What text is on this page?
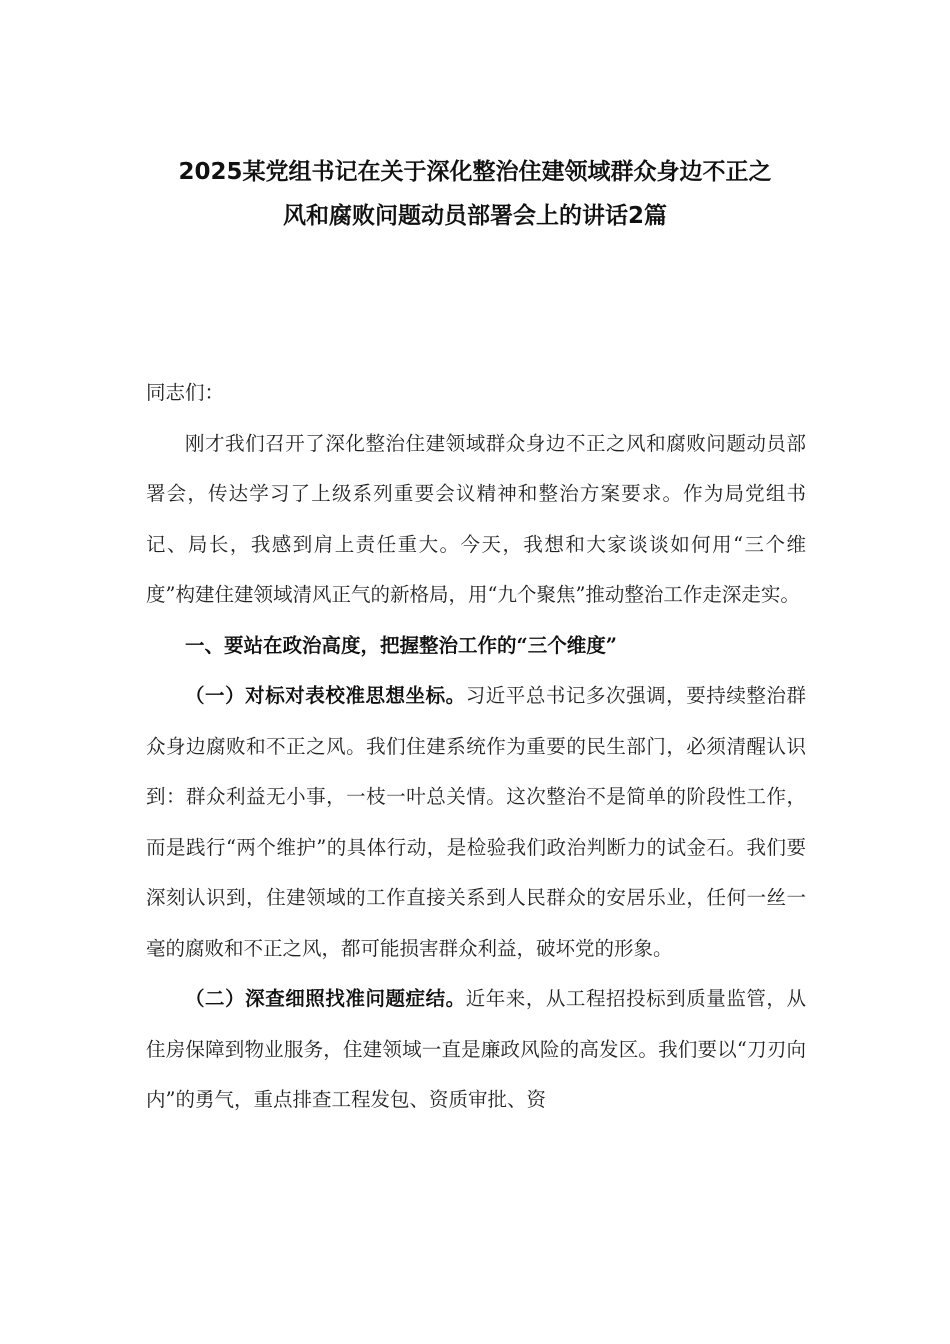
2025某党组书记在关于深化整治住建领域群众身边不正之
风和腐败问题动员部署会上的讲话2篇

同志们：

刚才我们召开了深化整治住建领域群众身边不正之风和腐败问题动员部署会，传达学习了上级系列重要会议精神和整治方案要求。作为局党组书记、局长，我感到肩上责任重大。今天，我想和大家谈谈如何用“三个维度”构建住建领域清风正气的新格局，用“九个聚焦”推动整治工作走深走实。

一、要站在政治高度，把握整治工作的“三个维度”

（一）对标对表校准思想坐标。习近平总书记多次强调，要持续整治群众身边腐败和不正之风。我们住建系统作为重要的民生部门，必须清醒认识到：群众利益无小事，一枝一叶总关情。这次整治不是简单的阶段性工作，而是践行“两个维护”的具体行动，是检验我们政治判断力的试金石。我们要深刻认识到，住建领域的工作直接关系到人民群众的安居乐业，任何一丝一毫的腐败和不正之风，都可能损害群众利益，破坏党的形象。

（二）深查细照找准问题症结。近年来，从工程招投标到质量监管，从住房保障到物业服务，住建领域一直是廉政风险的高发区。我们要以“刀刃向内”的勇气，重点排查工程发包、资质审批、资
